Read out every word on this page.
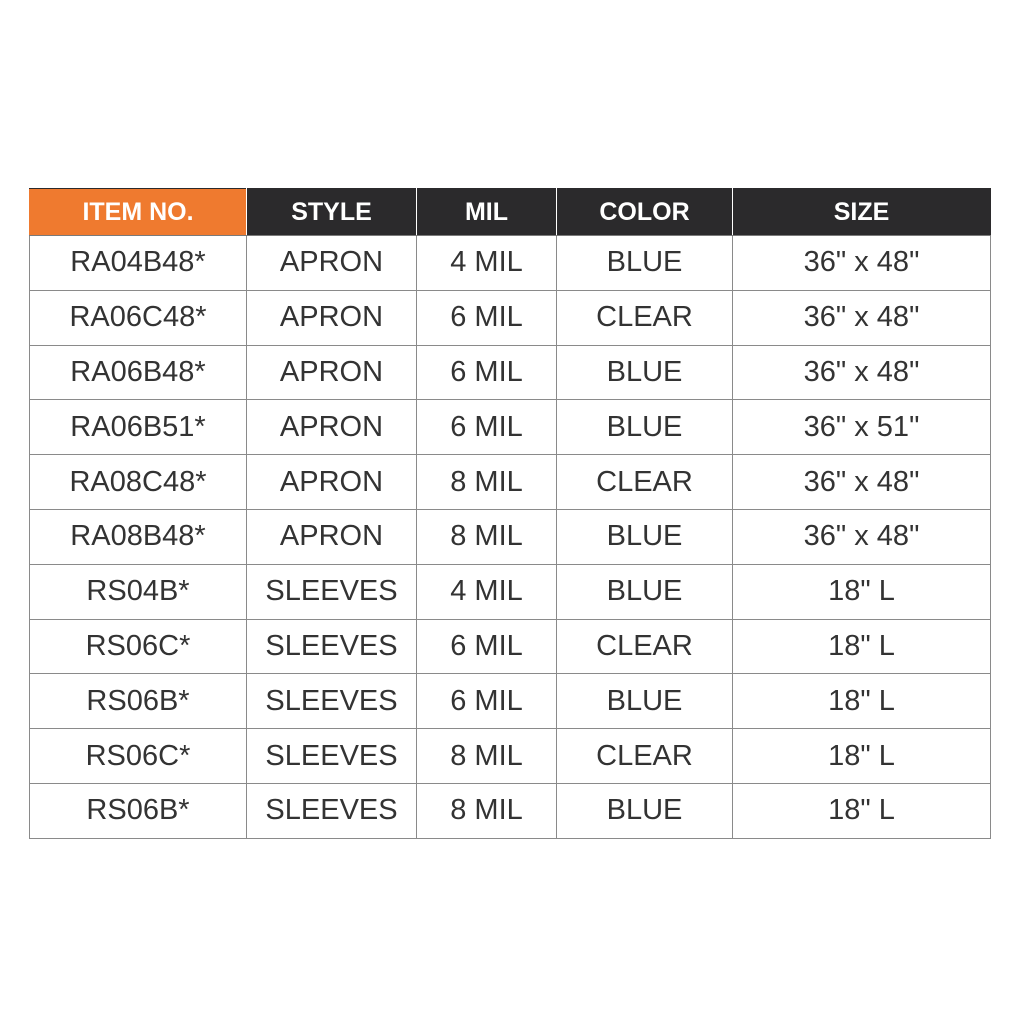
ITEM NO.	STYLE	MIL	COLOR	SIZE
RA04B48*	APRON	4 MIL	BLUE	36" x 48"
RA06C48*	APRON	6 MIL	CLEAR	36" x 48"
RA06B48*	APRON	6 MIL	BLUE	36" x 48"
RA06B51*	APRON	6 MIL	BLUE	36" x 51"
RA08C48*	APRON	8 MIL	CLEAR	36" x 48"
RA08B48*	APRON	8 MIL	BLUE	36" x 48"
RS04B*	SLEEVES	4 MIL	BLUE	18" L
RS06C*	SLEEVES	6 MIL	CLEAR	18" L
RS06B*	SLEEVES	6 MIL	BLUE	18" L
RS06C*	SLEEVES	8 MIL	CLEAR	18" L
RS06B*	SLEEVES	8 MIL	BLUE	18" L
